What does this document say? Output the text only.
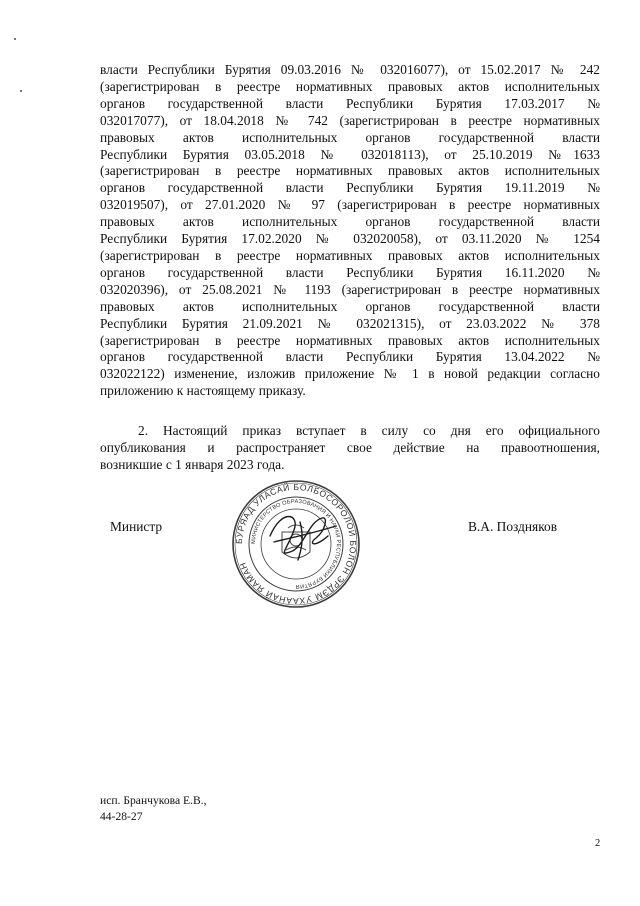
власти Республики Бурятия 09.03.2016 № 032016077), от 15.02.2017 № 242
(зарегистрирован в реестре нормативных правовых актов исполнительных
органов государственной власти Республики Бурятия 17.03.2017 №
032017077), от 18.04.2018 № 742 (зарегистрирован в реестре нормативных
правовых актов исполнительных органов государственной власти
Республики Бурятия 03.05.2018 № 032018113), от 25.10.2019 №1633
(зарегистрирован в реестре нормативных правовых актов исполнительных
органов государственной власти Республики Бурятия 19.11.2019 №
032019507), от 27.01.2020 № 97 (зарегистрирован в реестре нормативных
правовых актов исполнительных органов государственной власти
Республики Бурятия 17.02.2020 № 032020058), от 03.11.2020 № 1254
(зарегистрирован в реестре нормативных правовых актов исполнительных
органов государственной власти Республики Бурятия 16.11.2020 №
032020396), от 25.08.2021 № 1193 (зарегистрирован в реестре нормативных
правовых актов исполнительных органов государственной власти
Республики Бурятия 21.09.2021 № 032021315), от 23.03.2022 № 378
(зарегистрирован в реестре нормативных правовых актов исполнительных
органов государственной власти Республики Бурятия 13.04.2022 №
032022122) изменение, изложив приложение № 1 в новой редакции согласно
приложению к настоящему приказу.
2. Настоящий приказ вступает в силу со дня его официального
опубликования и распространяет свое действие на правоотношения,
возникшие с 1 января 2023 года.
Министр	В.А. Поздняков
БУРЯАД УЛАСАЙ БОЛБОСОРОЛОЙ БОЛОН ЭРДЭМ УХААНАЙ ЯАМАН
МИНИСТЕРСТВО ОБРАЗОВАНИЯ И НАУКИ РЕСПУБЛИКИ БУРЯТИЯ
исп. Бранчукова Е.В.,
44-28-27
2
